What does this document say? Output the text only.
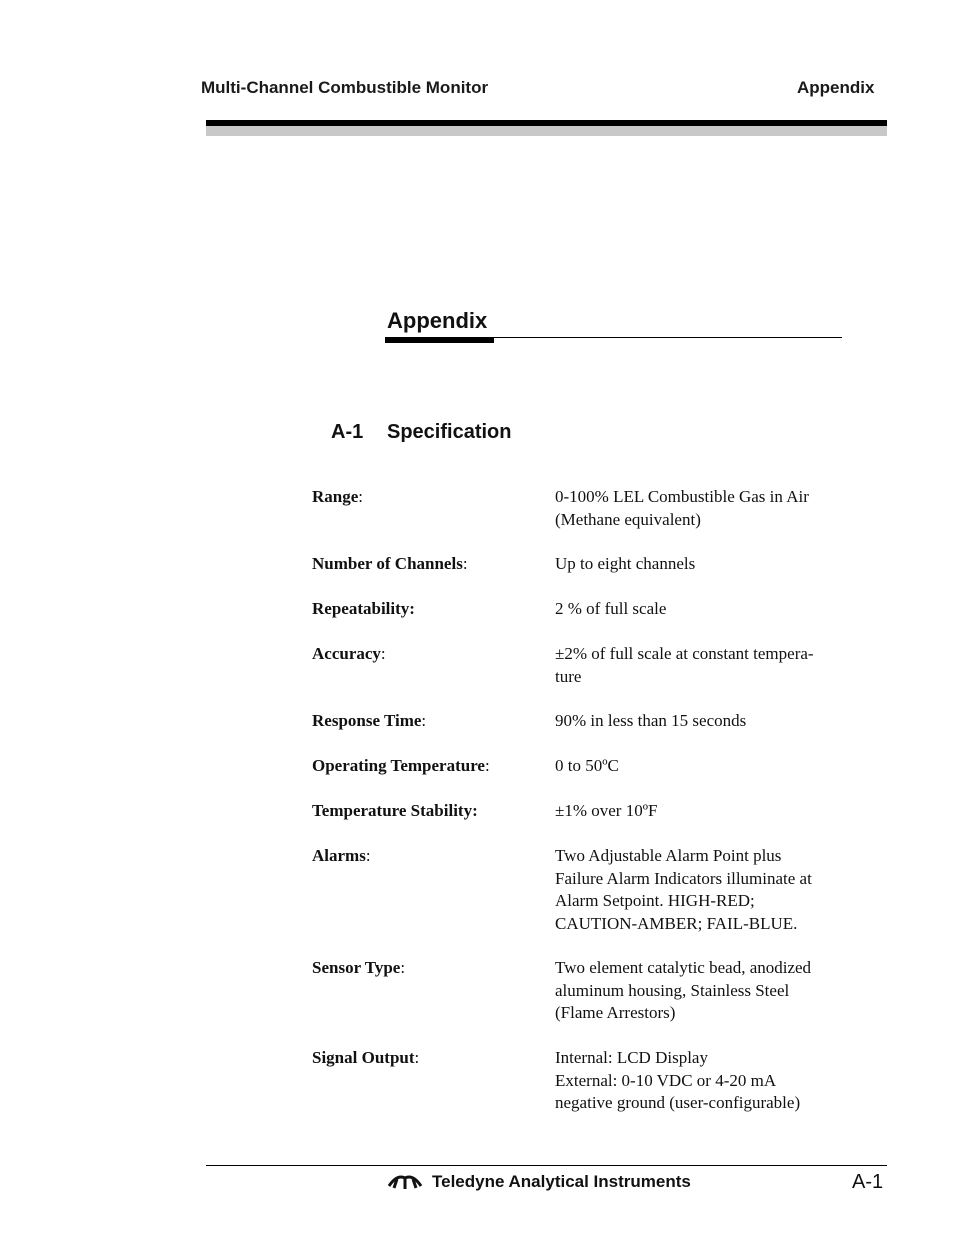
Multi-Channel Combustible Monitor	Appendix
Appendix
A-1 Specification
Range:	0-100% LEL Combustible Gas in Air
(Methane equivalent)
Number of Channels:	Up to eight channels
Repeatability:	2 % of full scale
Accuracy:	±2% of full scale at constant tempera-
ture
Response Time:	90% in less than 15 seconds
Operating Temperature:	0 to 50ºC
Temperature Stability:	±1% over 10ºF
Alarms:	Two Adjustable Alarm Point plus
Failure Alarm Indicators illuminate at
Alarm Setpoint. HIGH-RED;
CAUTION-AMBER; FAIL-BLUE.
Sensor Type:	Two element catalytic bead, anodized
aluminum housing, Stainless Steel
(Flame Arrestors)
Signal Output:	Internal: LCD Display
External: 0-10 VDC or 4-20 mA
negative ground (user-configurable)
Teledyne Analytical Instruments	A-1
